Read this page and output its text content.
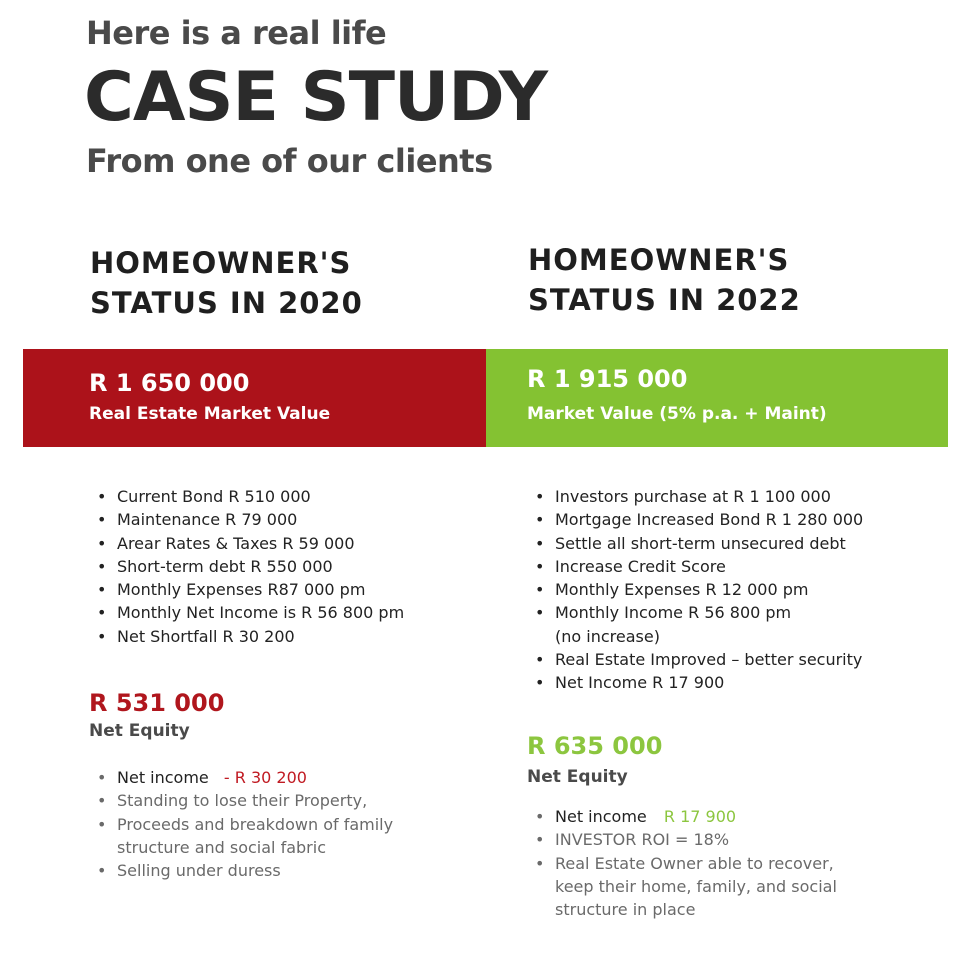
Here is a real life
CASE STUDY
From one of our clients
HOMEOWNER'S
STATUS IN 2020
HOMEOWNER'S
STATUS IN 2022
R 1 650 000
Real Estate Market Value
R 1 915 000
Market Value (5% p.a. + Maint)
• Current Bond R 510 000
• Maintenance R 79 000
• Arear Rates & Taxes R 59 000
• Short-term debt R 550 000
• Monthly Expenses R87 000 pm
• Monthly Net Income is R 56 800 pm
• Net Shortfall R 30 200
• Investors purchase at R 1 100 000
• Mortgage Increased Bond R 1 280 000
• Settle all short-term unsecured debt
• Increase Credit Score
• Monthly Expenses R 12 000 pm
• Monthly Income R 56 800 pm
(no increase)
• Real Estate Improved – better security
• Net Income R 17 900
R 531 000
Net Equity
R 635 000
Net Equity
• Net income - R 30 200
• Standing to lose their Property,
• Proceeds and breakdown of family
structure and social fabric
• Selling under duress
• Net income R 17 900
• INVESTOR ROI = 18%
• Real Estate Owner able to recover,
keep their home, family, and social
structure in place
